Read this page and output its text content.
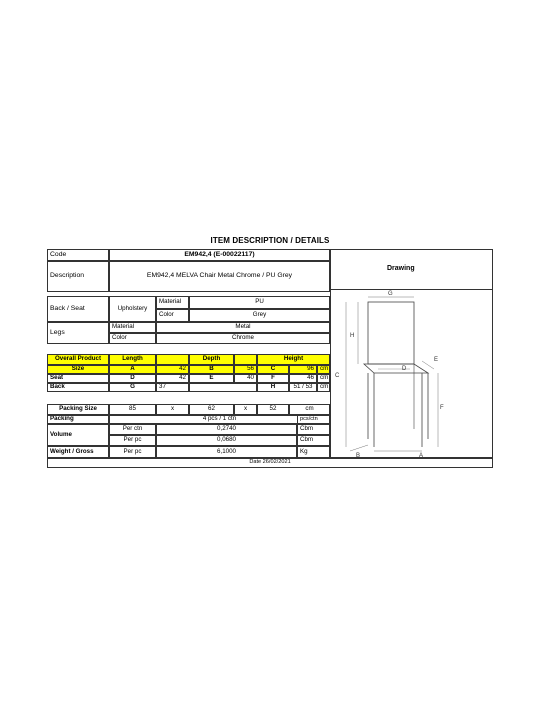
ITEM DESCRIPTION / DETAILS
Code	EM942,4 (E-00022117)
Description	EM942,4 MELVA Chair Metal Chrome / PU Grey
Back / Seat	Upholstery
Material	PU
Color	Grey
Legs
Material	Metal
Color	Chrome
Overall Product	Length	Depth	Height
Size	A	42	B	56	C	96 cm
Seat	D	42	E	40	F	46 cm
Back	G	37	H	51 / 53	cm
Packing Size	85	x	62	x	52	cm
Packing	4 pcs / 1 ctn	pcs/ctn
Volume
Per ctn	0,2740	Cbm
Per pc	0,0680	Cbm
Weight / Gross	Per pc	6,1000	Kg
Date 26/02/2021
Drawing
G
H
C
E
D
F
A
B
